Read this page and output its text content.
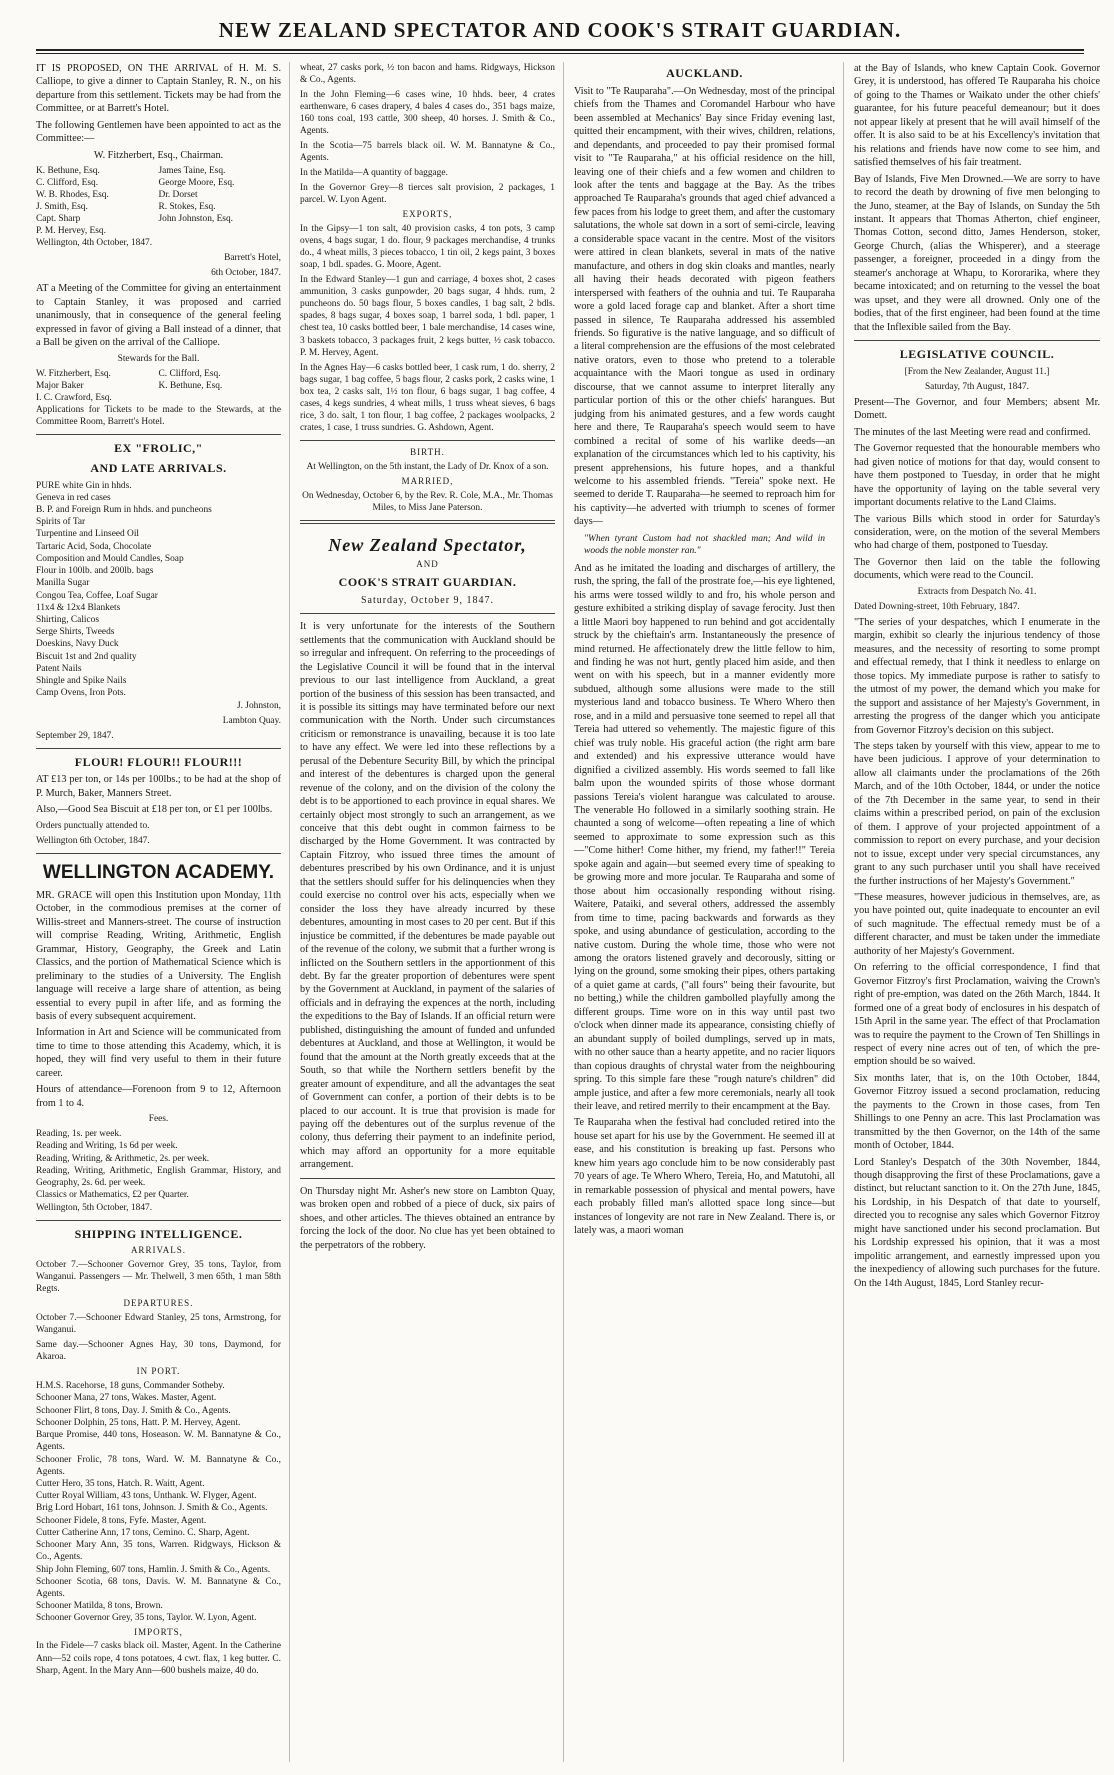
NEW ZEALAND SPECTATOR AND COOK'S STRAIT GUARDIAN.

IT IS PROPOSED, ON THE ARRIVAL of H. M. S. Calliope, to give a dinner to Captain Stanley, R. N., on his departure from this settlement. Tickets may be had from the Committee, or at Barrett's Hotel.

The following Gentlemen have been appointed to act as the Committee:—

W. Fitzherbert, Esq., Chairman.

K. Bethune, Esq.	James Taine, Esq.
C. Clifford, Esq.	George Moore, Esq.
W. B. Rhodes, Esq.	Dr. Dorset
J. Smith, Esq.	R. Stokes, Esq.
Capt. Sharp	John Johnston, Esq.
P. M. Hervey, Esq.

Wellington, 4th October, 1847.

Barrett's Hotel,

6th October, 1847.

AT a Meeting of the Committee for giving an entertainment to Captain Stanley, it was proposed and carried unanimously, that in consequence of the general feeling expressed in favor of giving a Ball instead of a dinner, that a Ball be given on the arrival of the Calliope.

Stewards for the Ball.

W. Fitzherbert, Esq.	C. Clifford, Esq.
Major Baker	K. Bethune, Esq.
I. C. Crawford, Esq.

Applications for Tickets to be made to the Stewards, at the Committee Room, Barrett's Hotel.

EX "FROLIC,"
AND LATE ARRIVALS.
PURE white Gin in hhds.
Geneva in red cases
B. P. and Foreign Rum in hhds. and puncheons
Spirits of Tar
Turpentine and Linseed Oil
Tartaric Acid, Soda, Chocolate
Composition and Mould Candles, Soap
Flour in 100lb. and 200lb. bags
Manilla Sugar
Congou Tea, Coffee, Loaf Sugar
11x4 & 12x4 Blankets
Shirting, Calicos
Serge Shirts, Tweeds
Doeskins, Navy Duck
Biscuit 1st and 2nd quality
Patent Nails
Shingle and Spike Nails
Camp Ovens, Iron Pots.

J. Johnston,

Lambton Quay.

September 29, 1847.

FLOUR! FLOUR!! FLOUR!!!

AT £13 per ton, or 14s per 100lbs.; to be had at the shop of P. Murch, Baker, Manners Street.

Also,—Good Sea Biscuit at £18 per ton, or £1 per 100lbs.

Orders punctually attended to.

Wellington 6th October, 1847.

WELLINGTON ACADEMY.

MR. GRACE will open this Institution upon Monday, 11th October, in the commodious premises at the corner of Willis-street and Manners-street. The course of instruction will comprise Reading, Writing, Arithmetic, English Grammar, History, Geography, the Greek and Latin Classics, and the portion of Mathematical Science which is preliminary to the studies of a University. The English language will receive a large share of attention, as being essential to every pupil in after life, and as forming the basis of every subsequent acquirement.

Information in Art and Science will be communicated from time to time to those attending this Academy, which, it is hoped, they will find very useful to them in their future career.

Hours of attendance—Forenoon from 9 to 12, Afternoon from 1 to 4.

Fees.

Reading, 1s. per week.
Reading and Writing, 1s 6d per week.
Reading, Writing, & Arithmetic, 2s. per week.
Reading, Writing, Arithmetic, English Grammar, History, and Geography, 2s. 6d. per week.
Classics or Mathematics, £2 per Quarter.

Wellington, 5th October, 1847.

SHIPPING INTELLIGENCE.
ARRIVALS.

October 7.—Schooner Governor Grey, 35 tons, Taylor, from Wanganui. Passengers — Mr. Thelwell, 3 men 65th, 1 man 58th Regts.

DEPARTURES.

October 7.—Schooner Edward Stanley, 25 tons, Armstrong, for Wanganui.

Same day.—Schooner Agnes Hay, 30 tons, Daymond, for Akaroa.

IN PORT.
H.M.S. Racehorse, 18 guns, Commander Sotheby.
Schooner Mana, 27 tons, Wakes. Master, Agent.
Schooner Flirt, 8 tons, Day. J. Smith & Co., Agents.
Schooner Dolphin, 25 tons, Hatt. P. M. Hervey, Agent.
Barque Promise, 440 tons, Hoseason. W. M. Bannatyne & Co., Agents.
Schooner Frolic, 78 tons, Ward. W. M. Bannatyne & Co., Agents.
Cutter Hero, 35 tons, Hatch. R. Waitt, Agent.
Cutter Royal William, 43 tons, Unthank. W. Flyger, Agent.
Brig Lord Hobart, 161 tons, Johnson. J. Smith & Co., Agents.
Schooner Fidele, 8 tons, Fyfe. Master, Agent.
Cutter Catherine Ann, 17 tons, Cemino. C. Sharp, Agent.
Schooner Mary Ann, 35 tons, Warren. Ridgways, Hickson & Co., Agents.
Ship John Fleming, 607 tons, Hamlin. J. Smith & Co., Agents.
Schooner Scotia, 68 tons, Davis. W. M. Bannatyne & Co., Agents.
Schooner Matilda, 8 tons, Brown.
Schooner Governor Grey, 35 tons, Taylor. W. Lyon, Agent.
IMPORTS,

In the Fidele—7 casks black oil. Master, Agent. In the Catherine Ann—52 coils rope, 4 tons potatoes, 4 cwt. flax, 1 keg butter. C. Sharp, Agent. In the Mary Ann—600 bushels maize, 40 do.

wheat, 27 casks pork, ½ ton bacon and hams. Ridgways, Hickson & Co., Agents.

In the John Fleming—6 cases wine, 10 hhds. beer, 4 crates earthenware, 6 cases drapery, 4 bales 4 cases do., 351 bags maize, 160 tons coal, 193 cattle, 300 sheep, 40 horses. J. Smith & Co., Agents.

In the Scotia—75 barrels black oil. W. M. Bannatyne & Co., Agents.

In the Matilda—A quantity of baggage.

In the Governor Grey—8 tierces salt provision, 2 packages, 1 parcel. W. Lyon Agent.

EXPORTS,

In the Gipsy—1 ton salt, 40 provision casks, 4 ton pots, 3 camp ovens, 4 bags sugar, 1 do. flour, 9 packages merchandise, 4 trunks do., 4 wheat mills, 3 pieces tobacco, 1 tin oil, 2 kegs paint, 3 boxes soap, 1 bdl. spades. G. Moore, Agent.

In the Edward Stanley—1 gun and carriage, 4 boxes shot, 2 cases ammunition, 3 casks gunpowder, 20 bags sugar, 4 hhds. rum, 2 puncheons do. 50 bags flour, 5 boxes candles, 1 bag salt, 2 bdls. spades, 8 bags sugar, 4 boxes soap, 1 barrel soda, 1 bdl. paper, 1 chest tea, 10 casks bottled beer, 1 bale merchandise, 14 cases wine, 3 baskets tobacco, 3 packages fruit, 2 kegs butter, ½ cask tobacco. P. M. Hervey, Agent.

In the Agnes Hay—6 casks bottled beer, 1 cask rum, 1 do. sherry, 2 bags sugar, 1 bag coffee, 5 bags flour, 2 casks pork, 2 casks wine, 1 box tea, 2 casks salt, 1½ ton flour, 6 bags sugar, 1 bag coffee, 4 cases, 4 kegs sundries, 4 wheat mills, 1 truss wheat sieves, 6 bags rice, 3 do. salt, 1 ton flour, 1 bag coffee, 2 packages woolpacks, 2 crates, 1 case, 1 truss sundries. G. Ashdown, Agent.

BIRTH.

At Wellington, on the 5th instant, the Lady of Dr. Knox of a son.

MARRIED,

On Wednesday, October 6, by the Rev. R. Cole, M.A., Mr. Thomas Miles, to Miss Jane Paterson.

New Zealand Spectator,
AND
COOK'S STRAIT GUARDIAN.
Saturday, October 9, 1847.

It is very unfortunate for the interests of the Southern settlements that the communication with Auckland should be so irregular and infrequent. On referring to the proceedings of the Legislative Council it will be found that in the interval previous to our last intelligence from Auckland, a great portion of the business of this session has been transacted, and it is possible its sittings may have terminated before our next communication with the North. Under such circumstances criticism or remonstrance is unavailing, because it is too late to have any effect. We were led into these reflections by a perusal of the Debenture Security Bill, by which the principal and interest of the debentures is charged upon the general revenue of the colony, and on the division of the colony the debt is to be apportioned to each province in equal shares. We certainly object most strongly to such an arrangement, as we conceive that this debt ought in common fairness to be discharged by the Home Government. It was contracted by Captain Fitzroy, who issued three times the amount of debentures prescribed by his own Ordinance, and it is unjust that the settlers should suffer for his delinquencies when they could exercise no control over his acts, especially when we consider the loss they have already incurred by these debentures, amounting in most cases to 20 per cent. But if this injustice be committed, if the debentures be made payable out of the revenue of the colony, we submit that a further wrong is inflicted on the Southern settlers in the apportionment of this debt. By far the greater proportion of debentures were spent by the Government at Auckland, in payment of the salaries of officials and in defraying the expences at the north, including the expeditions to the Bay of Islands. If an official return were published, distinguishing the amount of funded and unfunded debentures at Auckland, and those at Wellington, it would be found that the amount at the North greatly exceeds that at the South, so that while the Northern settlers benefit by the greater amount of expenditure, and all the advantages the seat of Government can confer, a portion of their debts is to be placed to our account. It is true that provision is made for paying off the debentures out of the surplus revenue of the colony, thus deferring their payment to an indefinite period, which may afford an opportunity for a more equitable arrangement.

On Thursday night Mr. Asher's new store on Lambton Quay, was broken open and robbed of a piece of duck, six pairs of shoes, and other articles. The thieves obtained an entrance by forcing the lock of the door. No clue has yet been obtained to the perpetrators of the robbery.

AUCKLAND.

Visit to "Te Rauparaha".—On Wednesday, most of the principal chiefs from the Thames and Coromandel Harbour who have been assembled at Mechanics' Bay since Friday evening last, quitted their encampment, with their wives, children, relations, and dependants, and proceeded to pay their promised formal visit to "Te Rauparaha," at his official residence on the hill, leaving one of their chiefs and a few women and children to look after the tents and baggage at the Bay. As the tribes approached Te Rauparaha's grounds that aged chief advanced a few paces from his lodge to greet them, and after the customary salutations, the whole sat down in a sort of semi-circle, leaving a considerable space vacant in the centre. Most of the visitors were attired in clean blankets, several in mats of the native manufacture, and others in dog skin cloaks and mantles, nearly all having their heads decorated with pigeon feathers interspersed with feathers of the ouhnia and tui. Te Rauparaha wore a gold laced forage cap and blanket. After a short time passed in silence, Te Rauparaha addressed his assembled friends. So figurative is the native language, and so difficult of a literal comprehension are the effusions of the most celebrated native orators, even to those who pretend to a tolerable acquaintance with the Maori tongue as used in ordinary discourse, that we cannot assume to interpret literally any particular portion of this or the other chiefs' harangues. But judging from his animated gestures, and a few words caught here and there, Te Rauparaha's speech would seem to have combined a recital of some of his warlike deeds—an explanation of the circumstances which led to his captivity, his present apprehensions, his future hopes, and a thankful welcome to his assembled friends. "Tereia" spoke next. He seemed to deride T. Rauparaha—he seemed to reproach him for his captivity—he adverted with triumph to scenes of former days—

"When tyrant Custom had not shackled man; And wild in woods the noble monster ran."

And as he imitated the loading and discharges of artillery, the rush, the spring, the fall of the prostrate foe,—his eye lightened, his arms were tossed wildly to and fro, his whole person and gesture exhibited a striking display of savage ferocity. Just then a little Maori boy happened to run behind and got accidentally struck by the chieftain's arm. Instantaneously the presence of mind returned. He affectionately drew the little fellow to him, and finding he was not hurt, gently placed him aside, and then went on with his speech, but in a manner evidently more subdued, although some allusions were made to the still mysterious land and tobacco business. Te Whero Whero then rose, and in a mild and persuasive tone seemed to repel all that Tereia had uttered so vehemently. The majestic figure of this chief was truly noble. His graceful action (the right arm bare and extended) and his expressive utterance would have dignified a civilized assembly. His words seemed to fall like balm upon the wounded spirits of those whose dormant passions Tereia's violent harangue was calculated to arouse. The venerable Ho followed in a similarly soothing strain. He chaunted a song of welcome—often repeating a line of which seemed to approximate to some expression such as this—"Come hither! Come hither, my friend, my father!!" Tereia spoke again and again—but seemed every time of speaking to be growing more and more jocular. Te Rauparaha and some of those about him occasionally responding without rising. Waitere, Pataiki, and several others, addressed the assembly from time to time, pacing backwards and forwards as they spoke, and using abundance of gesticulation, according to the native custom. During the whole time, those who were not among the orators listened gravely and decorously, sitting or lying on the ground, some smoking their pipes, others partaking of a quiet game at cards, ("all fours" being their favourite, but no betting,) while the children gambolled playfully among the different groups. Time wore on in this way until past two o'clock when dinner made its appearance, consisting chiefly of an abundant supply of boiled dumplings, served up in mats, with no other sauce than a hearty appetite, and no racier liquors than copious draughts of chrystal water from the neighbouring spring. To this simple fare these "rough nature's children" did ample justice, and after a few more ceremonials, nearly all took their leave, and retired merrily to their encampment at the Bay.

Te Rauparaha when the festival had concluded retired into the house set apart for his use by the Government. He seemed ill at ease, and his constitution is breaking up fast. Persons who knew him years ago conclude him to be now considerably past 70 years of age. Te Whero Whero, Tereia, Ho, and Matutohi, all in remarkable possession of physical and mental powers, have each probably filled man's allotted space long since—but instances of longevity are not rare in New Zealand. There is, or lately was, a maori woman

at the Bay of Islands, who knew Captain Cook. Governor Grey, it is understood, has offered Te Rauparaha his choice of going to the Thames or Waikato under the other chiefs' guarantee, for his future peaceful demeanour; but it does not appear likely at present that he will avail himself of the offer. It is also said to be at his Excellency's invitation that his relations and friends have now come to see him, and satisfied themselves of his fair treatment.

Bay of Islands, Five Men Drowned.—We are sorry to have to record the death by drowning of five men belonging to the Juno, steamer, at the Bay of Islands, on Sunday the 5th instant. It appears that Thomas Atherton, chief engineer, Thomas Cotton, second ditto, James Henderson, stoker, George Church, (alias the Whisperer), and a steerage passenger, a foreigner, proceeded in a dingy from the steamer's anchorage at Whapu, to Kororarika, where they became intoxicated; and on returning to the vessel the boat was upset, and they were all drowned. Only one of the bodies, that of the first engineer, had been found at the time that the Inflexible sailed from the Bay.

LEGISLATIVE COUNCIL.

[From the New Zealander, August 11.]

Saturday, 7th August, 1847.

Present—The Governor, and four Members; absent Mr. Domett.

The minutes of the last Meeting were read and confirmed.

The Governor requested that the honourable members who had given notice of motions for that day, would consent to have them postponed to Tuesday, in order that he might have the opportunity of laying on the table several very important documents relative to the Land Claims.

The various Bills which stood in order for Saturday's consideration, were, on the motion of the several Members who had charge of them, postponed to Tuesday.

The Governor then laid on the table the following documents, which were read to the Council.

Extracts from Despatch No. 41.

Dated Downing-street, 10th February, 1847.

"The series of your despatches, which I enumerate in the margin, exhibit so clearly the injurious tendency of those measures, and the necessity of resorting to some prompt and effectual remedy, that I think it needless to enlarge on those topics. My immediate purpose is rather to satisfy to the utmost of my power, the demand which you make for the support and assistance of her Majesty's Government, in arresting the progress of the danger which you anticipate from Governor Fitzroy's decision on this subject.

The steps taken by yourself with this view, appear to me to have been judicious. I approve of your determination to allow all claimants under the proclamations of the 26th March, and of the 10th October, 1844, or under the notice of the 7th December in the same year, to send in their claims within a prescribed period, on pain of the exclusion of them. I approve of your projected appointment of a commission to report on every purchase, and your decision not to issue, except under very special circumstances, any grant to any such purchaser until you shall have received the further instructions of her Majesty's Government."

"These measures, however judicious in themselves, are, as you have pointed out, quite inadequate to encounter an evil of such magnitude. The effectual remedy must be of a different character, and must be taken under the immediate authority of her Majesty's Government.

On referring to the official correspondence, I find that Governor Fitzroy's first Proclamation, waiving the Crown's right of pre-emption, was dated on the 26th March, 1844. It formed one of a great body of enclosures in his despatch of 15th April in the same year. The effect of that Proclamation was to require the payment to the Crown of Ten Shillings in respect of every nine acres out of ten, of which the pre-emption should be so waived.

Six months later, that is, on the 10th October, 1844, Governor Fitzroy issued a second proclamation, reducing the payments to the Crown in those cases, from Ten Shillings to one Penny an acre. This last Proclamation was transmitted by the then Governor, on the 14th of the same month of October, 1844.

Lord Stanley's Despatch of the 30th November, 1844, though disapproving the first of these Proclamations, gave a distinct, but reluctant sanction to it. On the 27th June, 1845, his Lordship, in his Despatch of that date to yourself, directed you to recognise any sales which Governor Fitzroy might have sanctioned under his second proclamation. But his Lordship expressed his opinion, that it was a most impolitic arrangement, and earnestly impressed upon you the inexpediency of allowing such purchases for the future. On the 14th August, 1845, Lord Stanley recur-
